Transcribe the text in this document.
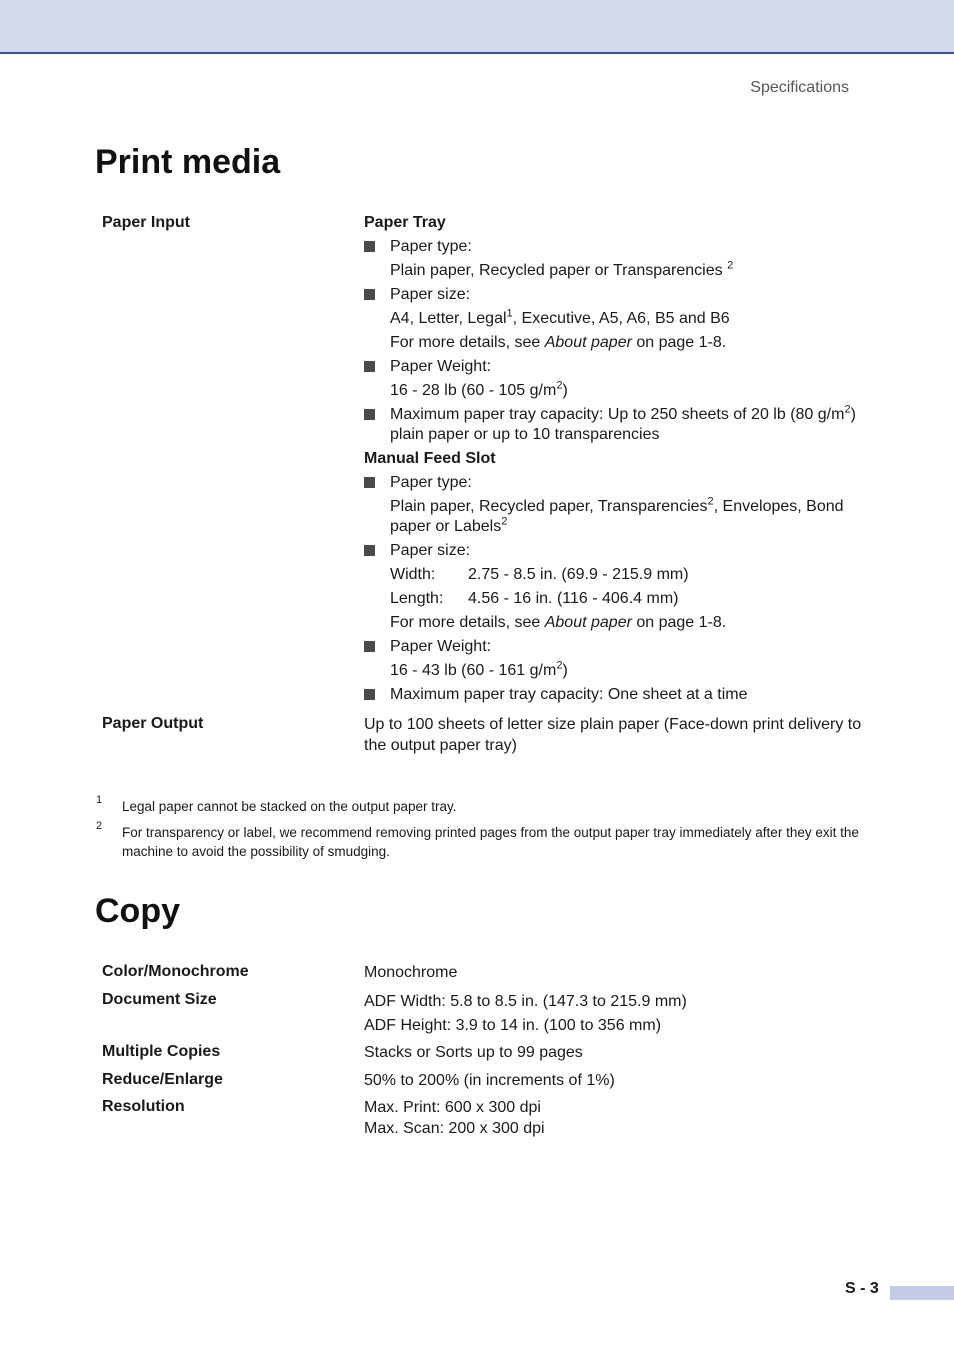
Specifications
Print media
Paper Input	Paper Tray
Paper type:
Plain paper, Recycled paper or Transparencies $^2$
Paper size:
A4, Letter, Legal$^1$, Executive, A5, A6, B5 and B6
For more details, see About paper on page 1-8.
Paper Weight:
16 - 28 lb (60 - 105 $g/m^2$)
Maximum paper tray capacity: Up to 250 sheets of 20 lb (80 $g/m^2$) plain paper or up to 10 transparencies
Manual Feed Slot
Paper type:
Plain paper, Recycled paper, Transparencies$^2$, Envelopes, Bond paper or Labels$^2$
Paper size:
Width: 2.75 - 8.5 in. (69.9 - 215.9 mm)
Length: 4.56 - 16 in. (116 - 406.4 mm)
For more details, see About paper on page 1-8.
Paper Weight:
16 - 43 lb (60 - 161 $g/m^2$)
Maximum paper tray capacity: One sheet at a time
Paper Output	Up to 100 sheets of letter size plain paper (Face-down print delivery to the output paper tray)
1 Legal paper cannot be stacked on the output paper tray.
2 For transparency or label, we recommend removing printed pages from the output paper tray immediately after they exit the machine to avoid the possibility of smudging.
Copy
Color/Monochrome	Monochrome
Document Size	ADF Width: 5.8 to 8.5 in. (147.3 to 215.9 mm)
ADF Height: 3.9 to 14 in. (100 to 356 mm)
Multiple Copies	Stacks or Sorts up to 99 pages
Reduce/Enlarge	50% to 200% (in increments of 1%)
Resolution	Max. Print: 600 x 300 dpi
Max. Scan: 200 x 300 dpi
S - 3
